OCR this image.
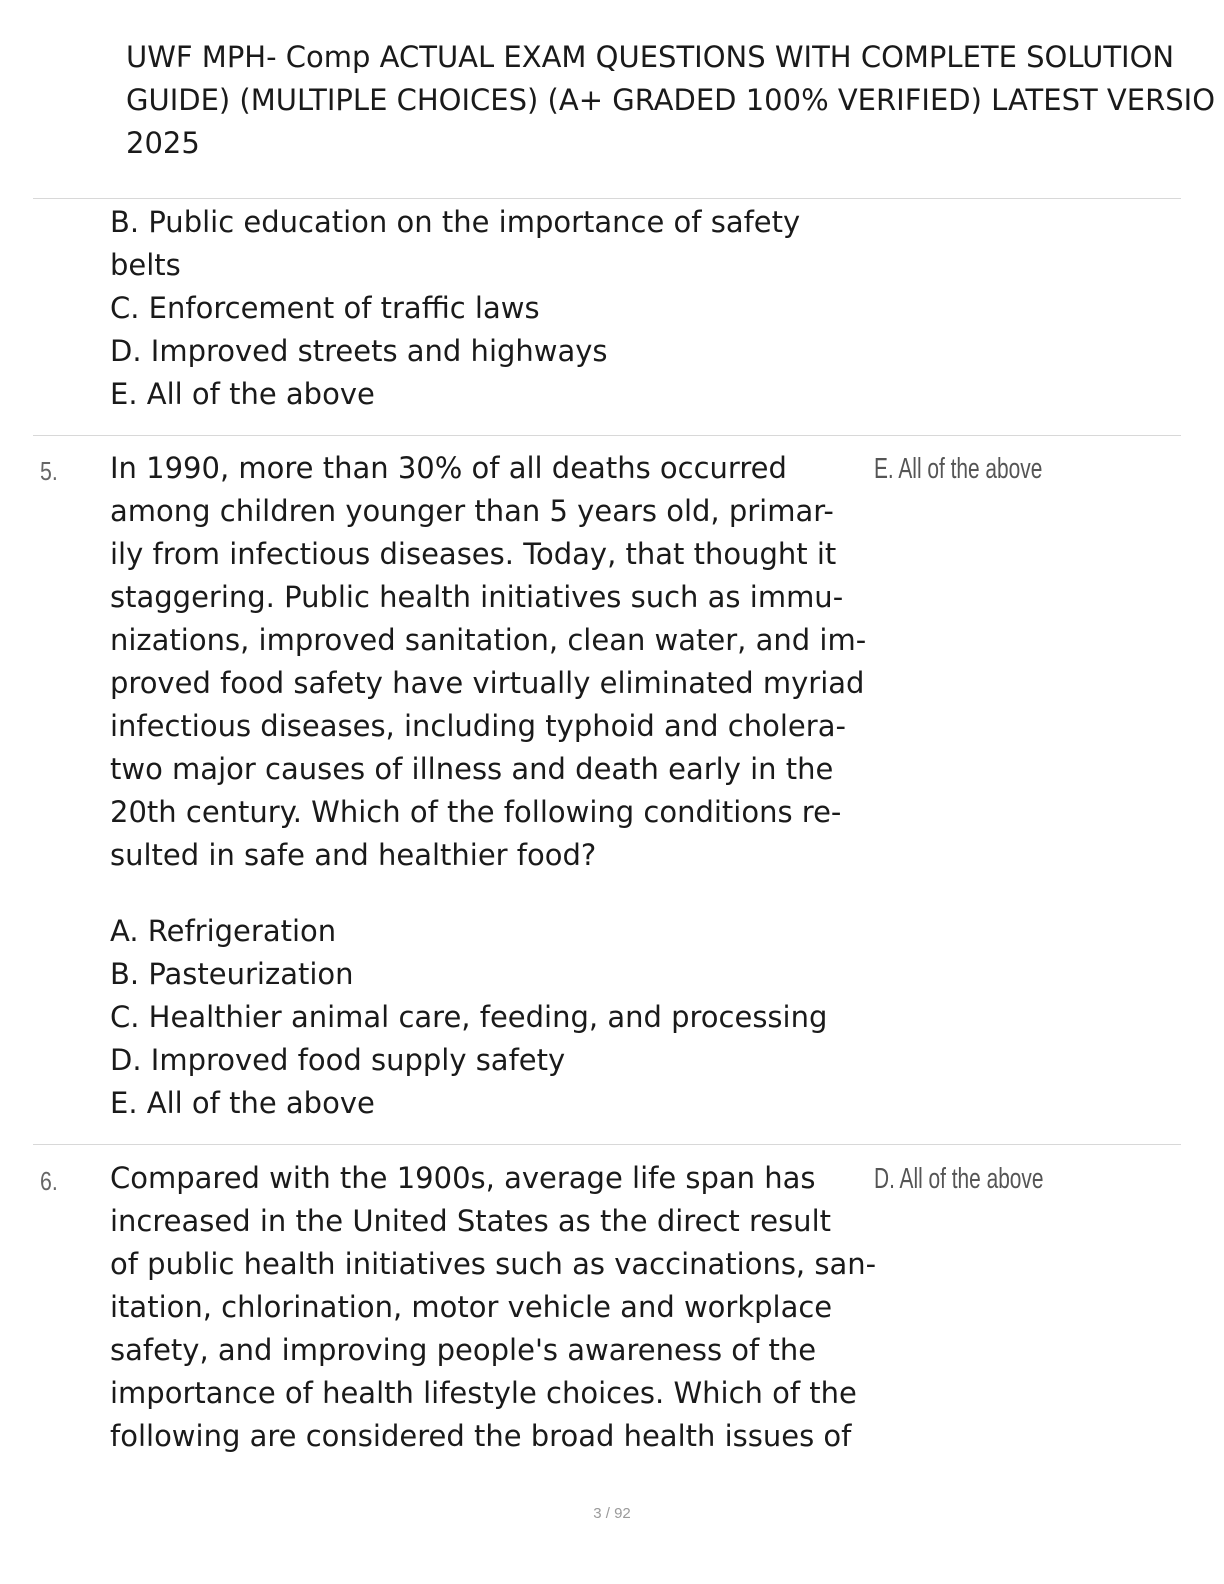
UWF MPH- Comp ACTUAL EXAM QUESTIONS WITH COMPLETE SOLUTION
GUIDE) (MULTIPLE CHOICES) (A+ GRADED 100% VERIFIED) LATEST VERSIO
2025
B. Public education on the importance of safety
belts
C. Enforcement of traffic laws
D. Improved streets and highways
E. All of the above
5. In 1990, more than 30% of all deaths occurred
among children younger than 5 years old, primar-
ily from infectious diseases. Today, that thought it
staggering. Public health initiatives such as immu-
nizations, improved sanitation, clean water, and im-
proved food safety have virtually eliminated myriad
infectious diseases, including typhoid and cholera-
two major causes of illness and death early in the
20th century. Which of the following conditions re-
sulted in safe and healthier food?
E. All of the above
A. Refrigeration
B. Pasteurization
C. Healthier animal care, feeding, and processing
D. Improved food supply safety
E. All of the above
6. Compared with the 1900s, average life span has
increased in the United States as the direct result
of public health initiatives such as vaccinations, san-
itation, chlorination, motor vehicle and workplace
safety, and improving people's awareness of the
importance of health lifestyle choices. Which of the
following are considered the broad health issues of
D. All of the above
3 / 92
